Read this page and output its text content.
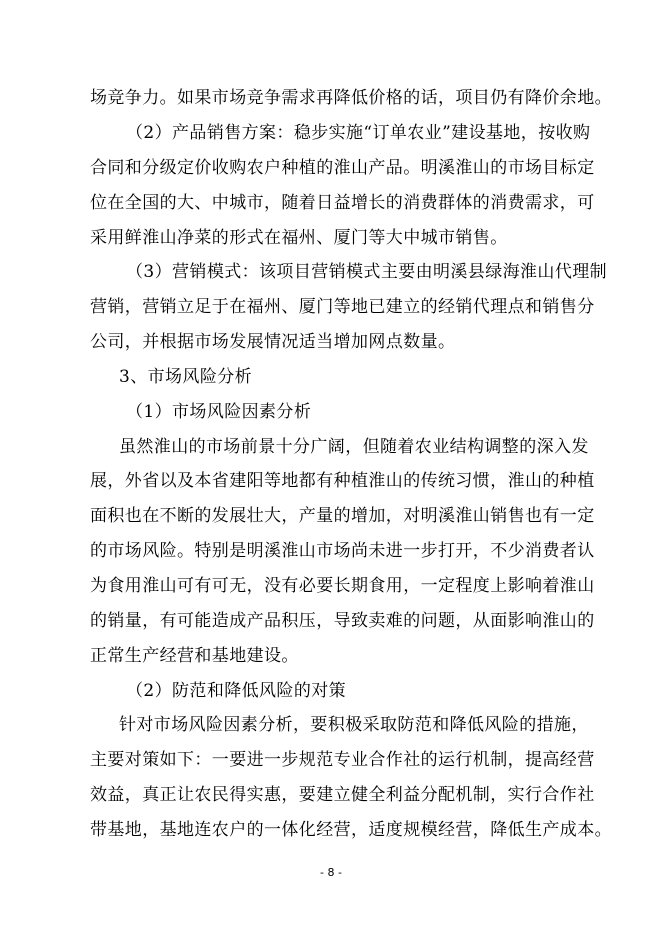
场竞争力。如果市场竞争需求再降低价格的话，项目仍有降价余地。
（2）产品销售方案：稳步实施“订单农业”建设基地，按收购
合同和分级定价收购农户种植的淮山产品。明溪淮山的市场目标定
位在全国的大、中城市，随着日益增长的消费群体的消费需求，可
采用鲜淮山净菜的形式在福州、厦门等大中城市销售。
（3）营销模式：该项目营销模式主要由明溪县绿海淮山代理制
营销，营销立足于在福州、厦门等地已建立的经销代理点和销售分
公司，并根据市场发展情况适当增加网点数量。
3、市场风险分析
（1）市场风险因素分析
虽然淮山的市场前景十分广阔，但随着农业结构调整的深入发
展，外省以及本省建阳等地都有种植淮山的传统习惯，淮山的种植
面积也在不断的发展壮大，产量的增加，对明溪淮山销售也有一定
的市场风险。特别是明溪淮山市场尚未进一步打开，不少消费者认
为食用淮山可有可无，没有必要长期食用，一定程度上影响着淮山
的销量，有可能造成产品积压，导致卖难的问题，从面影响淮山的
正常生产经营和基地建设。
（2）防范和降低风险的对策
针对市场风险因素分析，要积极采取防范和降低风险的措施，
主要对策如下：一要进一步规范专业合作社的运行机制，提高经营
效益，真正让农民得实惠，要建立健全利益分配机制，实行合作社
带基地，基地连农户的一体化经营，适度规模经营，降低生产成本。
- 8 -
